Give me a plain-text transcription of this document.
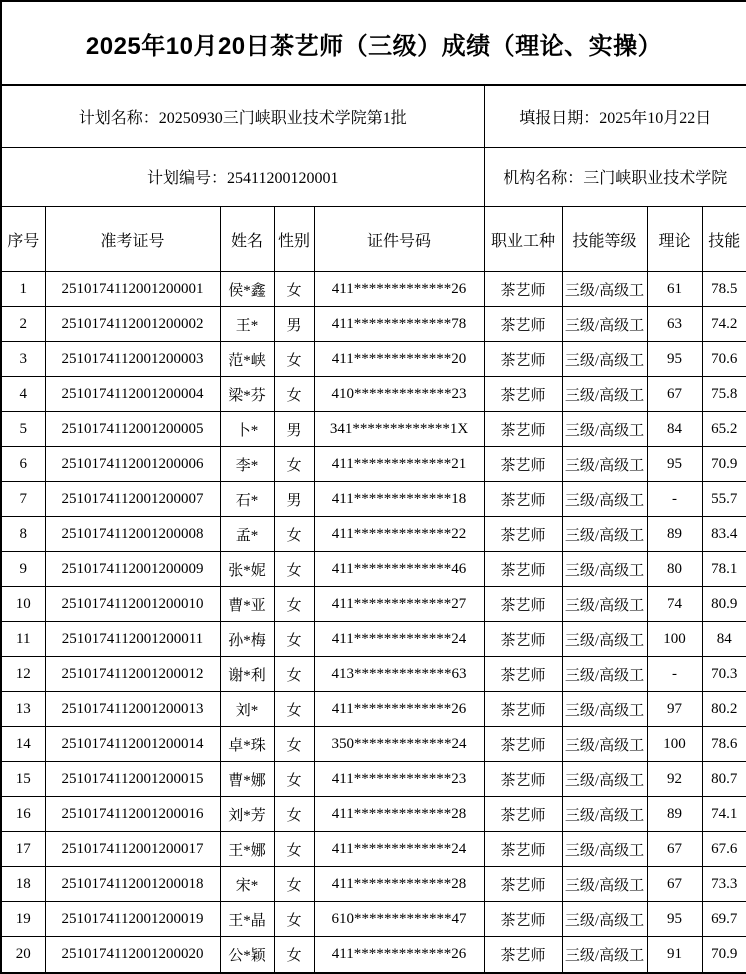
2025年10月20日茶艺师（三级）成绩（理论、实操）								
计划名称：20250930三门峡职业技术学院第1批					填报日期：2025年10月22日			
计划编号：25411200120001					机构名称：三门峡职业技术学院			
序号	准考证号	姓名	性别	证件号码	职业工种	技能等级	理论	技能
1	2510174112001200001	侯*鑫	女	411*************26	茶艺师	三级/高级工	61	78.5
2	2510174112001200002	王*	男	411*************78	茶艺师	三级/高级工	63	74.2
3	2510174112001200003	范*峡	女	411*************20	茶艺师	三级/高级工	95	70.6
4	2510174112001200004	梁*芬	女	410*************23	茶艺师	三级/高级工	67	75.8
5	2510174112001200005	卜*	男	341*************1X	茶艺师	三级/高级工	84	65.2
6	2510174112001200006	李*	女	411*************21	茶艺师	三级/高级工	95	70.9
7	2510174112001200007	石*	男	411*************18	茶艺师	三级/高级工	-	55.7
8	2510174112001200008	孟*	女	411*************22	茶艺师	三级/高级工	89	83.4
9	2510174112001200009	张*妮	女	411*************46	茶艺师	三级/高级工	80	78.1
10	2510174112001200010	曹*亚	女	411*************27	茶艺师	三级/高级工	74	80.9
11	2510174112001200011	孙*梅	女	411*************24	茶艺师	三级/高级工	100	84
12	2510174112001200012	谢*利	女	413*************63	茶艺师	三级/高级工	-	70.3
13	2510174112001200013	刘*	女	411*************26	茶艺师	三级/高级工	97	80.2
14	2510174112001200014	卓*珠	女	350*************24	茶艺师	三级/高级工	100	78.6
15	2510174112001200015	曹*娜	女	411*************23	茶艺师	三级/高级工	92	80.7
16	2510174112001200016	刘*芳	女	411*************28	茶艺师	三级/高级工	89	74.1
17	2510174112001200017	王*娜	女	411*************24	茶艺师	三级/高级工	67	67.6
18	2510174112001200018	宋*	女	411*************28	茶艺师	三级/高级工	67	73.3
19	2510174112001200019	王*晶	女	610*************47	茶艺师	三级/高级工	95	69.7
20	2510174112001200020	公*颖	女	411*************26	茶艺师	三级/高级工	91	70.9
